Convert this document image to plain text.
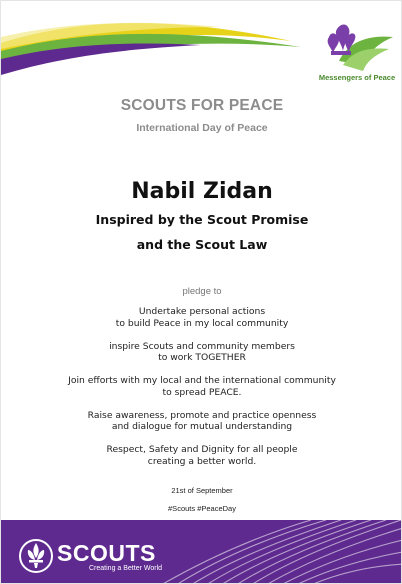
Messengers of Peace
SCOUTS FOR PEACE
International Day of Peace
Nabil Zidan
Inspired by the Scout Promise
and the Scout Law
pledge to
Undertake personal actions
to build Peace in my local community
inspire Scouts and community members
to work TOGETHER
Join efforts with my local and the international community
to spread PEACE.
Raise awareness, promote and practice openness
and dialogue for mutual understanding
Respect, Safety and Dignity for all people
creating a better world.
21st of September
#Scouts #PeaceDay
SCOUTS
Creating a Better World
